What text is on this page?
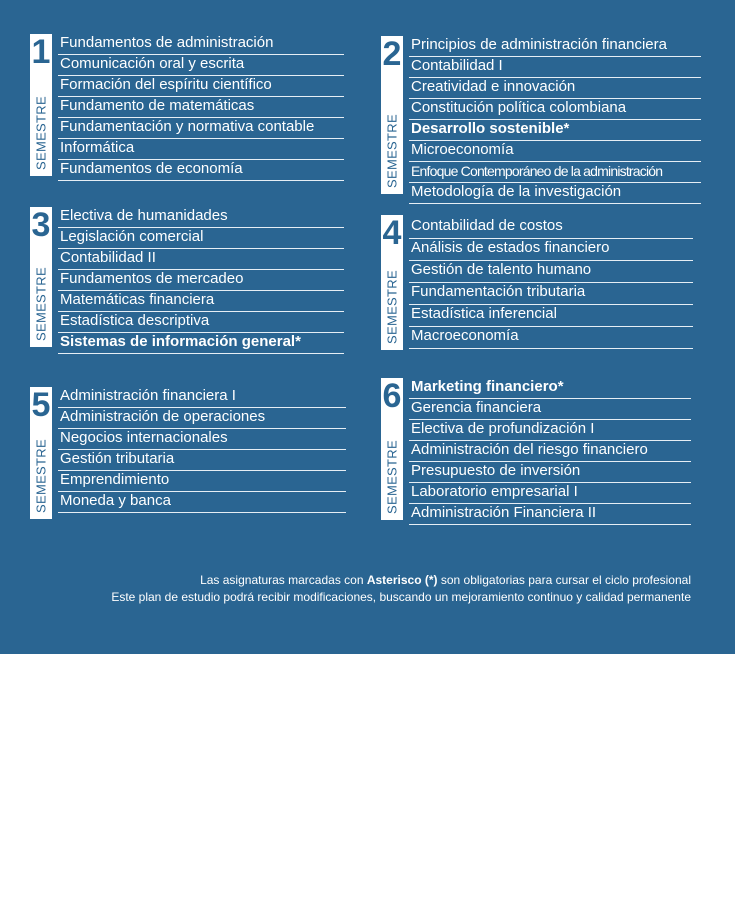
1
SEMESTRE
Fundamentos de administración
Comunicación oral y escrita
Formación del espíritu científico
Fundamento de matemáticas
Fundamentación y normativa contable
Informática
Fundamentos de economía
2
SEMESTRE
Principios de administración financiera
Contabilidad I
Creatividad e innovación
Constitución política colombiana
Desarrollo sostenible*
Microeconomía
Enfoque Contemporáneo de la administración
Metodología de la investigación
3
SEMESTRE
Electiva de humanidades
Legislación comercial
Contabilidad II
Fundamentos de mercadeo
Matemáticas financiera
Estadística descriptiva
Sistemas de información general*
4
SEMESTRE
Contabilidad de costos
Análisis de estados financiero
Gestión de talento humano
Fundamentación tributaria
Estadística inferencial
Macroeconomía
5
SEMESTRE
Administración financiera I
Administración de operaciones
Negocios internacionales
Gestión tributaria
Emprendimiento
Moneda y banca
6
SEMESTRE
Marketing financiero*
Gerencia financiera
Electiva de profundización I
Administración del riesgo financiero
Presupuesto de inversión
Laboratorio empresarial I
Administración Financiera II
Las asignaturas marcadas con Asterisco (*) son obligatorias para cursar el ciclo profesional
Este plan de estudio podrá recibir modificaciones, buscando un mejoramiento continuo y calidad permanente
